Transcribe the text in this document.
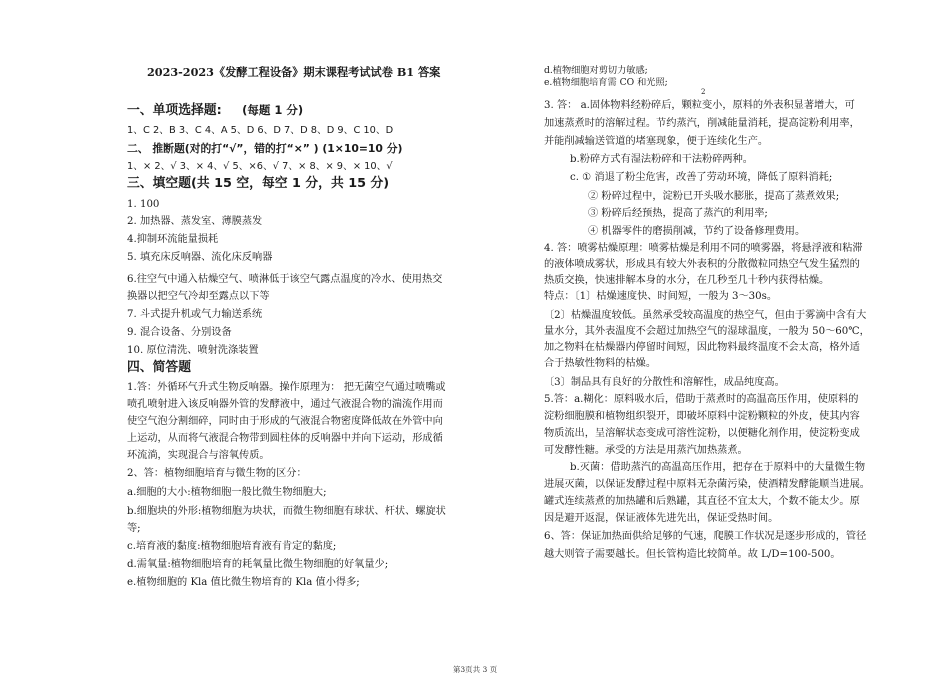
2023-2023《发酵工程设备》期末课程考试试卷 B1 答案
一、单项选择题: (每题 1 分)
1、C 2、B 3、C 4、A 5、D 6、D 7、D 8、D 9、C 10、D
二、 推断题(对的打“√”，错的打“×” ) (1×10=10 分)
1、× 2、√ 3、× 4、√ 5、×6、√ 7、× 8、× 9、× 10、√
三、填空题(共 15 空，每空 1 分，共 15 分)
1. 100
2. 加热器、蒸发室、薄膜蒸发
4.抑制环流能量损耗
5. 填充床反响器、流化床反响器
6.往空气中通入枯燥空气、喷淋低于该空气露点温度的冷水、使用热交
换器以把空气冷却至露点以下等
7. 斗式提升机或气力输送系统
9. 混合设备、分别设备
10. 原位清洗、喷射洗涤装置
四、简答题
1.答：外循环气升式生物反响器。操作原理为： 把无菌空气通过喷嘴或
喷孔喷射进入该反响器外管的发酵液中，通过气液混合物的湍流作用而
使空气泡分割细碎，同时由于形成的气液混合物密度降低故在外管中向
上运动，从而将气液混合物带到圆柱体的反响器中并向下运动，形成循
环流淌，实现混合与溶氧传质。
2、答：植物细胞培育与微生物的区分：
a.细胞的大小:植物细胞一般比微生物细胞大;
b.细胞块的外形:植物细胞为块状，而微生物细胞有球状、杆状、螺旋状
等;
c.培育液的黏度:植物细胞培育液有肯定的黏度;
d.需氧量:植物细胞培育的耗氧量比微生物细胞的好氧量少;
e.植物细胞的 Kla 值比微生物培育的 Kla 值小得多;
d.植物细胞对剪切力敏感;
2
e.植物细胞培育需 CO 和光照;
3. 答： a.固体物料经粉碎后，颗粒变小，原料的外表积显著增大，可
加速蒸煮时的溶解过程。节约蒸汽，削减能量消耗，提高淀粉利用率，
并能削减输送管道的堵塞现象，便于连续化生产。
b.粉碎方式有湿法粉碎和干法粉碎两种。
c. ① 消退了粉尘危害，改善了劳动环境，降低了原料消耗;
② 粉碎过程中，淀粉已开头吸水膨胀，提高了蒸煮效果;
③ 粉碎后经预热，提高了蒸汽的利用率;
④ 机器零件的磨损削减，节约了设备修理费用。
4. 答：喷雾枯燥原理：喷雾枯燥是利用不同的喷雾器，将悬浮液和粘滞
的液体喷成雾状，形成具有较大外表积的分散微粒同热空气发生猛烈的
热质交换，快速排解本身的水分，在几秒至几十秒内获得枯燥。
特点：〔1〕枯燥速度快、时间短，一般为 3～30s。
〔2〕枯燥温度较低。虽然承受较高温度的热空气，但由于雾滴中含有大
量水分，其外表温度不会超过加热空气的湿球温度，一般为 50～60℃，
加之物料在枯燥器内停留时间短，因此物料最终温度不会太高，格外适
合于热敏性物料的枯燥。
〔3〕制品具有良好的分散性和溶解性，成品纯度高。
5.答：a.糊化：原料吸水后，借助于蒸煮时的高温高压作用，使原料的
淀粉细胞膜和植物组织裂开，即破坏原料中淀粉颗粒的外皮，使其内容
物质流出，呈溶解状态变成可溶性淀粉，以便糖化剂作用，使淀粉变成
可发酵性糖。承受的方法是用蒸汽加热蒸煮。
b.灭菌：借助蒸汽的高温高压作用，把存在于原料中的大量微生物
进展灭菌，以保证发酵过程中原料无杂菌污染，使酒精发酵能顺当进展。
罐式连续蒸煮的加热罐和后熟罐，其直径不宜太大，个数不能太少。原
因是避开返混，保证液体先进先出，保证受热时间。
6、答：保证加热面供给足够的气速，爬膜工作状况是逐步形成的，管径
越大则管子需要越长。但长管构造比较简单。故 L/D=100-500。
第3页共 3 页
